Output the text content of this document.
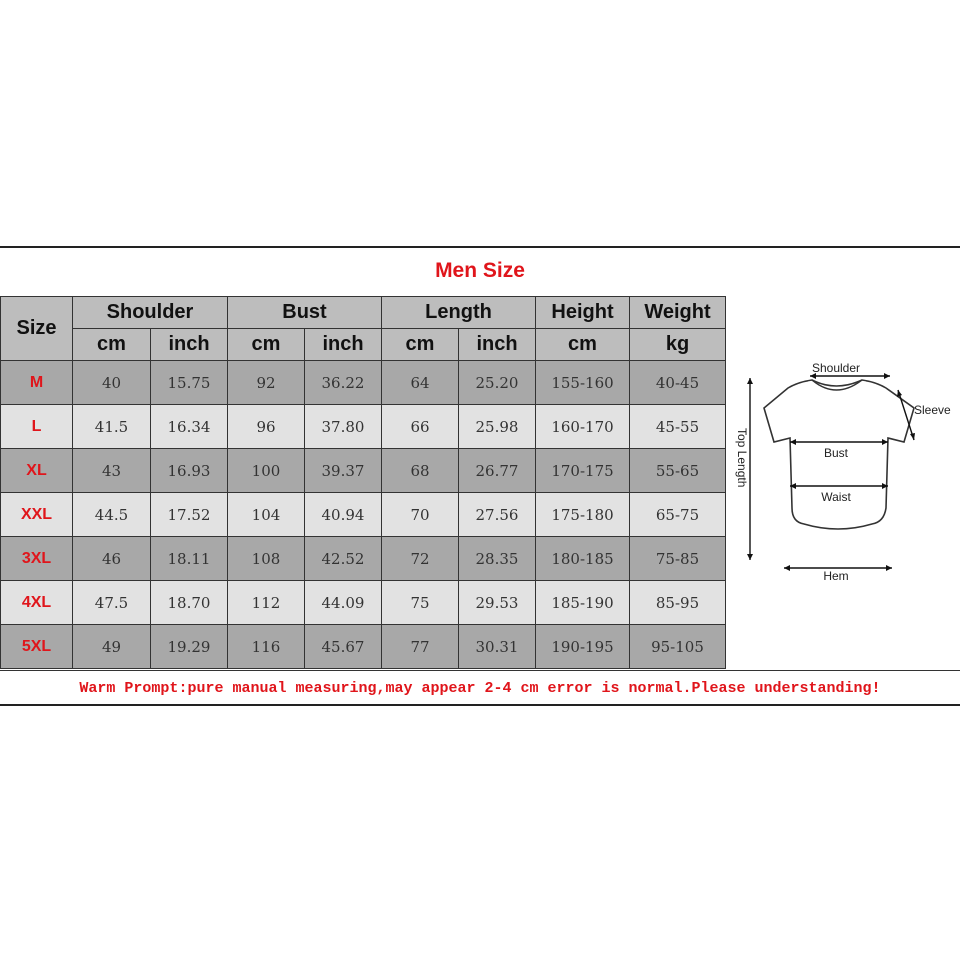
Men Size
Size	Shoulder		Bust		Length		Height	Weight
	cm	inch	cm	inch	cm	inch	cm	kg
M	40	15.75	92	36.22	64	25.20	155-160	40-45
L	41.5	16.34	96	37.80	66	25.98	160-170	45-55
XL	43	16.93	100	39.37	68	26.77	170-175	55-65
XXL	44.5	17.52	104	40.94	70	27.56	175-180	65-75
3XL	46	18.11	108	42.52	72	28.35	180-185	75-85
4XL	47.5	18.70	112	44.09	75	29.53	185-190	85-95
5XL	49	19.29	116	45.67	77	30.31	190-195	95-105
Shoulder
Sleeve
Bust
Waist
Hem
Top Length
Warm Prompt:pure manual measuring,may appear 2-4 cm error is normal.Please understanding!
